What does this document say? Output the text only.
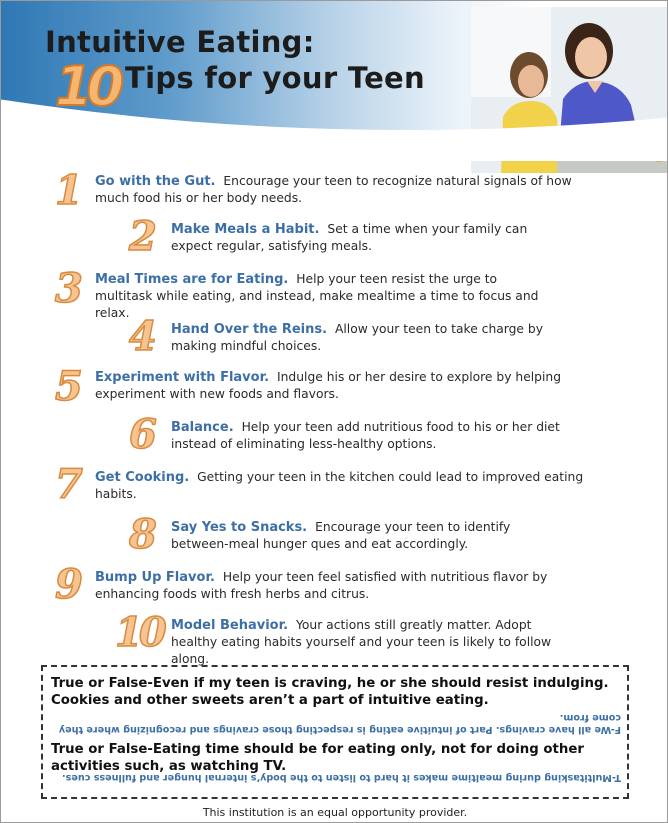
Intuitive Eating:
10 Tips for your Teen
1 Go with the Gut. Encourage your teen to recognize natural signals of how much food his or her body needs.
2 Make Meals a Habit. Set a time when your family can expect regular, satisfying meals.
3 Meal Times are for Eating. Help your teen resist the urge to multitask while eating, and instead, make mealtime a time to focus and relax. 4 Hand Over the Reins. Allow your teen to take charge by making mindful choices.
5 Experiment with Flavor. Indulge his or her desire to explore by helping experiment with new foods and flavors.
6 Balance. Help your teen add nutritious food to his or her diet instead of eliminating less-healthy options.
7 Get Cooking. Getting your teen in the kitchen could lead to improved eating habits.
8 Say Yes to Snacks. Encourage your teen to identify between-meal hunger ques and eat accordingly.
9 Bump Up Flavor. Help your teen feel satisfied with nutritious flavor by enhancing foods with fresh herbs and citrus.
10 Model Behavior. Your actions still greatly matter. Adopt healthy eating habits yourself and your teen is likely to follow along.
True or False-Even if my teen is craving, he or she should resist indulging. Cookies and other sweets aren’t a part of intuitive eating.
F-We all have cravings. Part of intuitive eating is respecting those cravings and recognizing where they come from.
True or False-Eating time should be for eating only, not for doing other activities such, as watching TV.
T-Multitasking during mealtime makes it hard to listen to the body’s internal hunger and fullness cues.
This institution is an equal opportunity provider.
